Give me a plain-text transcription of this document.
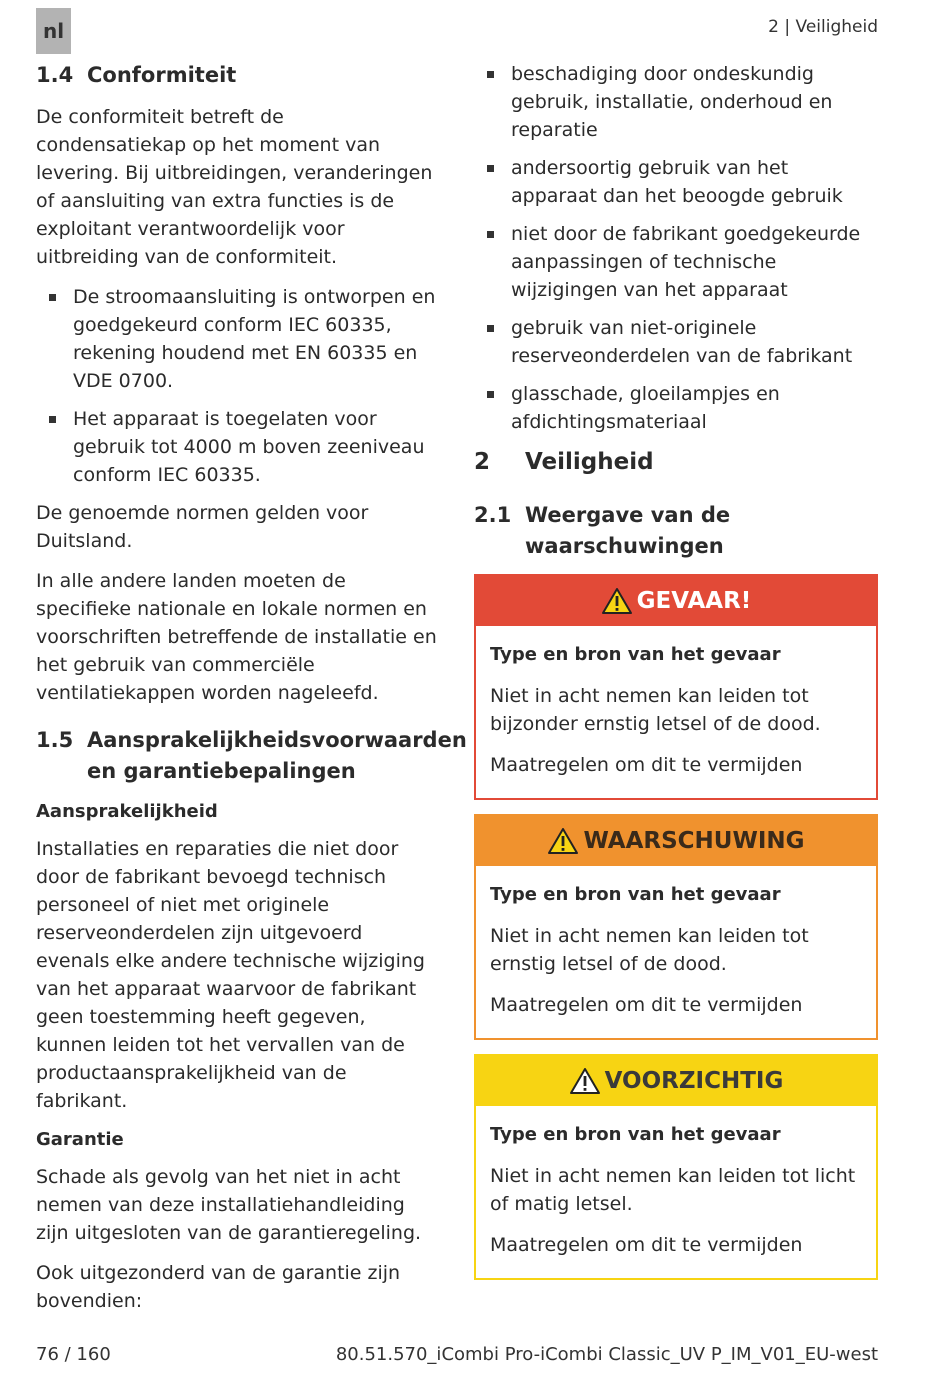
nl	2 | Veiligheid
1.4 Conformiteit

De conformiteit betreft de condensatiekap op het moment van levering. Bij uitbreidingen, veranderingen of aansluiting van extra functies is de exploitant verantwoordelijk voor uitbreiding van de conformiteit.

De stroomaansluiting is ontworpen en goedgekeurd conform IEC 60335, rekening houdend met EN 60335 en VDE 0700.
Het apparaat is toegelaten voor gebruik tot 4000 m boven zeeniveau conform IEC 60335.

De genoemde normen gelden voor Duitsland.

In alle andere landen moeten de specifieke nationale en lokale normen en voorschriften betreffende de installatie en het gebruik van commerciële ventilatiekappen worden nageleefd.

1.5 Aansprakelijkheidsvoorwaarden en garantiebepalingen
Aansprakelijkheid

Installaties en reparaties die niet door door de fabrikant bevoegd technisch personeel of niet met originele reserveonderdelen zijn uitgevoerd evenals elke andere technische wijziging van het apparaat waarvoor de fabrikant geen toestemming heeft gegeven, kunnen leiden tot het vervallen van de productaansprakelijkheid van de fabrikant.

Garantie

Schade als gevolg van het niet in acht nemen van deze installatiehandleiding zijn uitgesloten van de garantieregeling.

Ook uitgezonderd van de garantie zijn bovendien:

beschadiging door ondeskundig gebruik, installatie, onderhoud en reparatie
andersoortig gebruik van het apparaat dan het beoogde gebruik
niet door de fabrikant goedgekeurde aanpassingen of technische wijzigingen van het apparaat
gebruik van niet-originele reserveonderdelen van de fabrikant
glasschade, gloeilampjes en afdichtingsmateriaal
2	Veiligheid
2.1 Weergave van de waarschuwingen
GEVAAR!
Type en bron van het gevaar

Niet in acht nemen kan leiden tot bijzonder ernstig letsel of de dood.

Maatregelen om dit te vermijden

WAARSCHUWING
Type en bron van het gevaar

Niet in acht nemen kan leiden tot ernstig letsel of de dood.

Maatregelen om dit te vermijden

VOORZICHTIG
Type en bron van het gevaar

Niet in acht nemen kan leiden tot licht of matig letsel.

Maatregelen om dit te vermijden

76 / 160	80.51.570_iCombi Pro-iCombi Classic_UV P_IM_V01_EU-west
